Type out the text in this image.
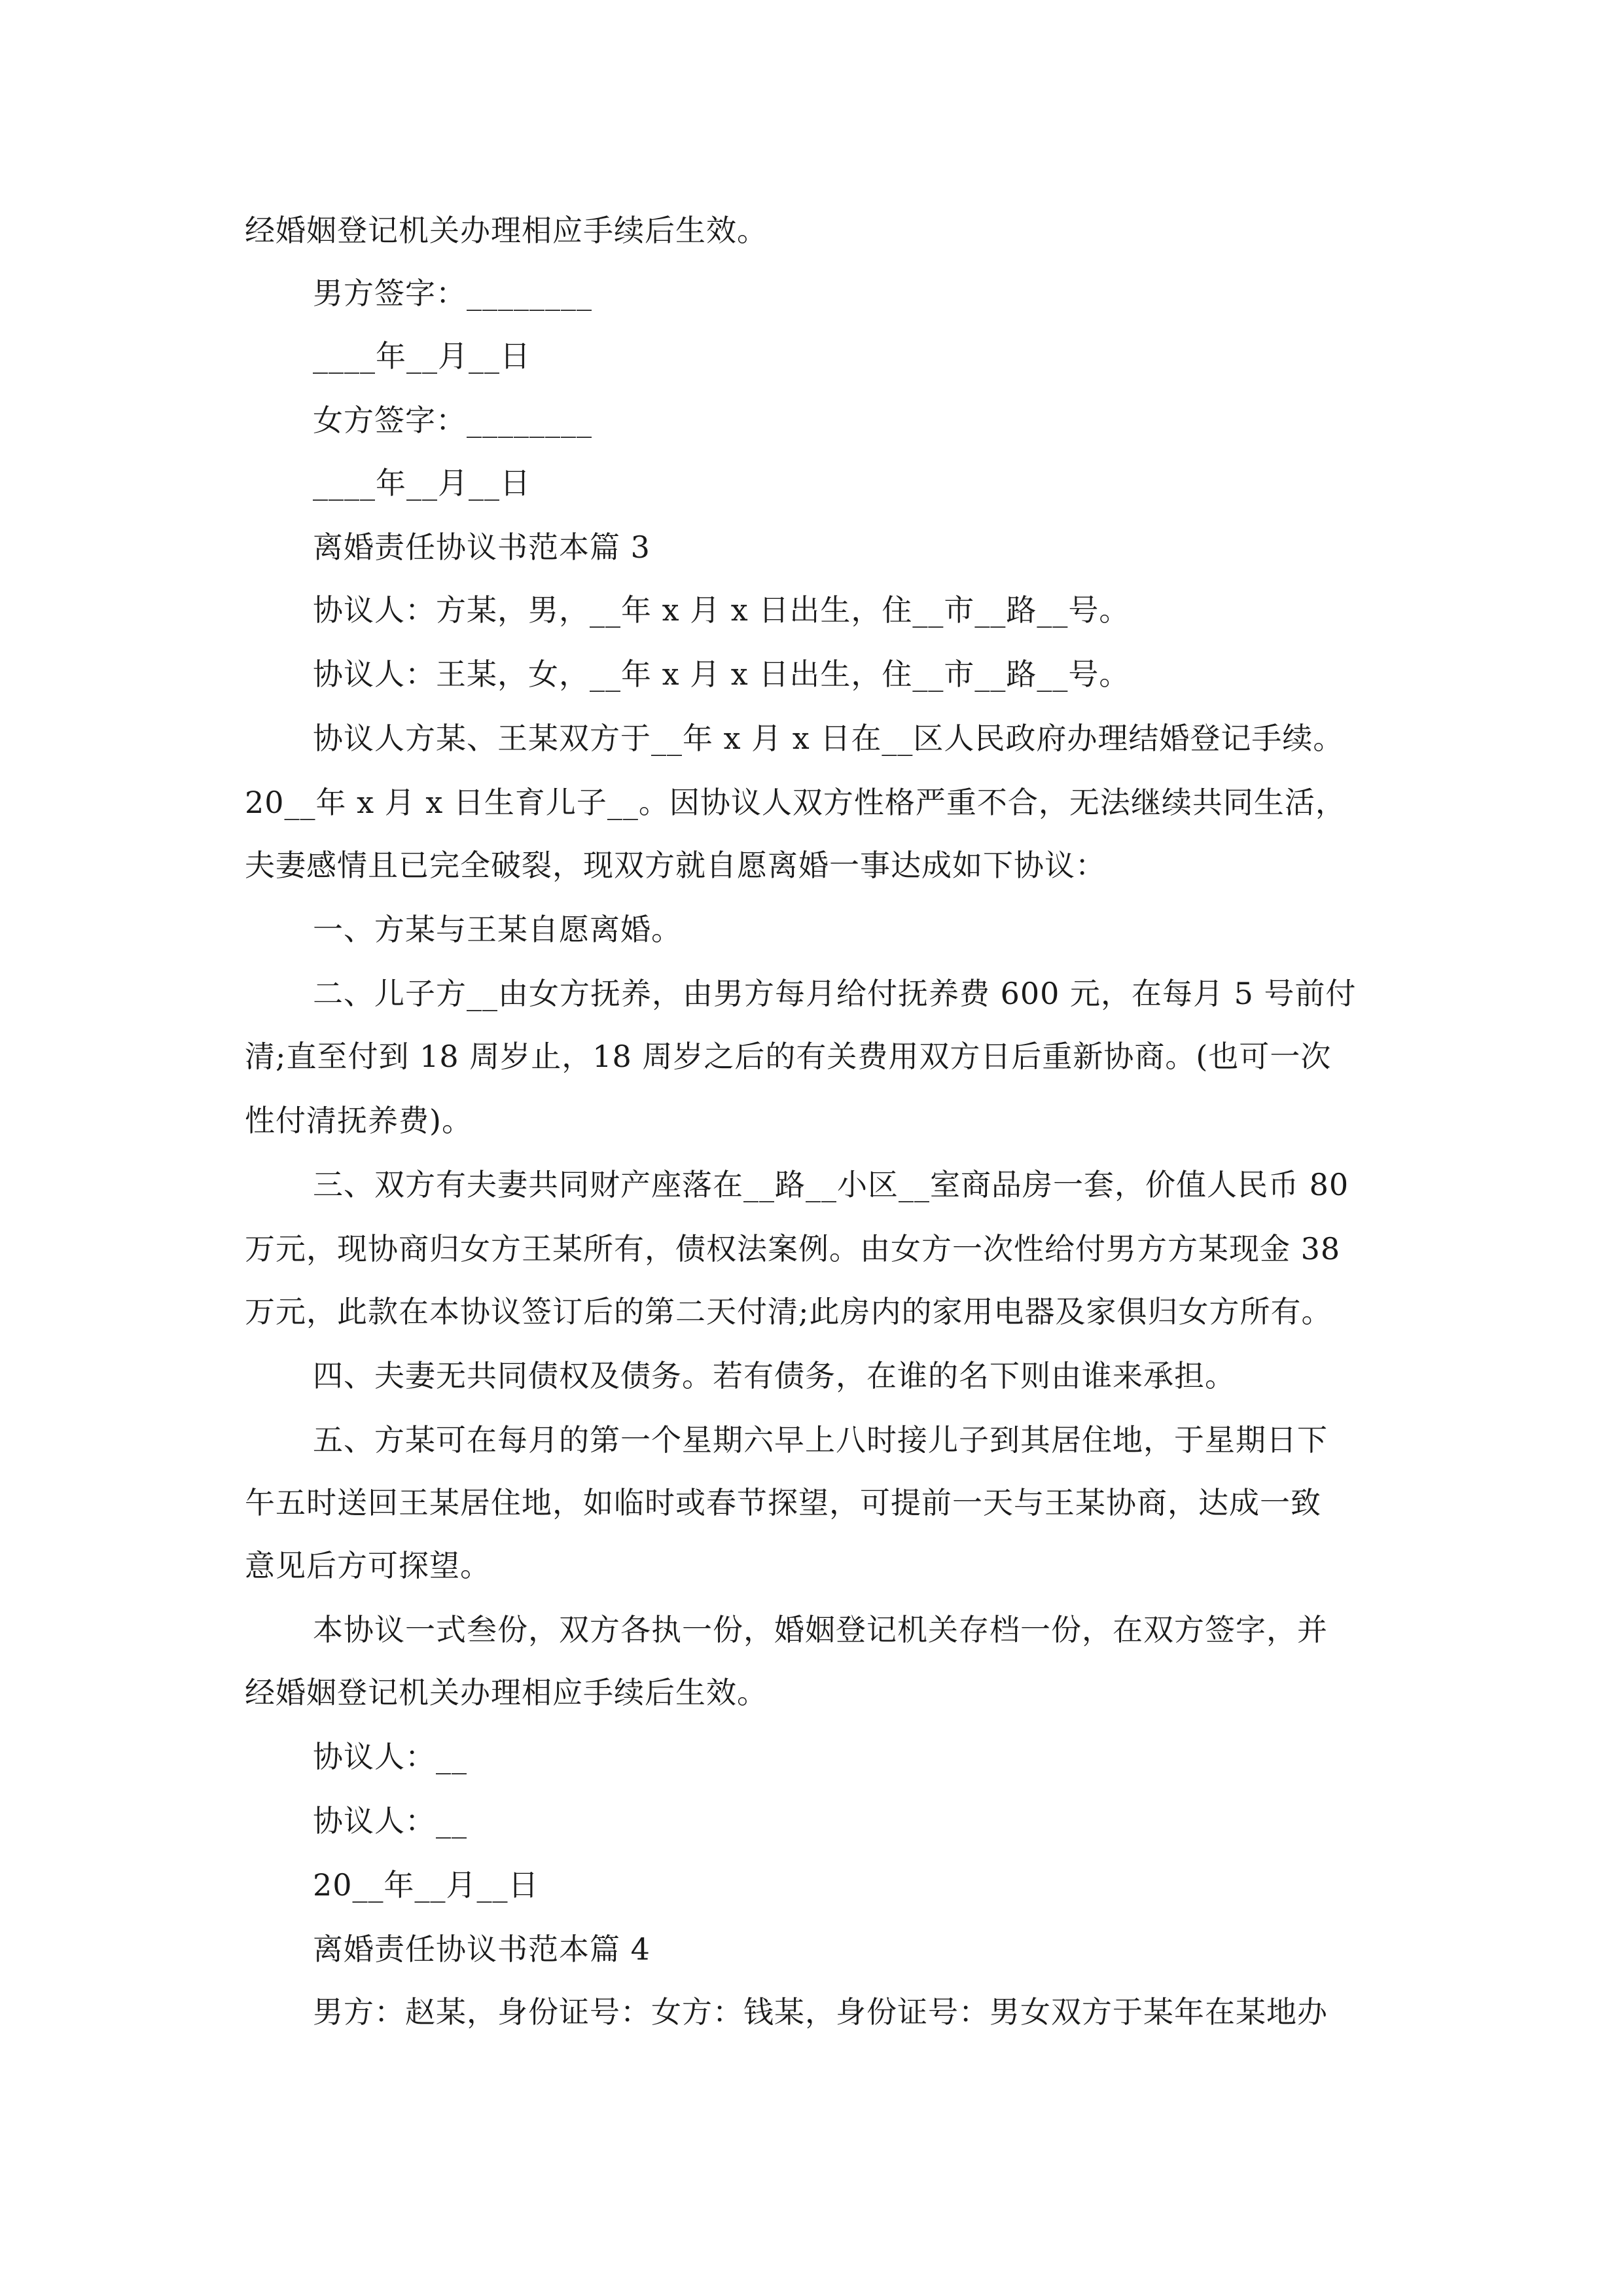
经婚姻登记机关办理相应手续后生效。
男方签字：________
____年__月__日
女方签字：________
____年__月__日
离婚责任协议书范本篇 3
协议人：方某，男，__年 x 月 x 日出生，住__市__路__号。
协议人：王某，女，__年 x 月 x 日出生，住__市__路__号。
协议人方某、王某双方于__年 x 月 x 日在__区人民政府办理结婚登记手续。
20__年 x 月 x 日生育儿子__。因协议人双方性格严重不合，无法继续共同生活，
夫妻感情且已完全破裂，现双方就自愿离婚一事达成如下协议：
一、方某与王某自愿离婚。
二、儿子方__由女方抚养，由男方每月给付抚养费 600 元，在每月 5 号前付
清;直至付到 18 周岁止，18 周岁之后的有关费用双方日后重新协商。(也可一次
性付清抚养费)。
三、双方有夫妻共同财产座落在__路__小区__室商品房一套，价值人民币 80
万元，现协商归女方王某所有，债权法案例。由女方一次性给付男方方某现金 38
万元，此款在本协议签订后的第二天付清;此房内的家用电器及家俱归女方所有。
四、夫妻无共同债权及债务。若有债务，在谁的名下则由谁来承担。
五、方某可在每月的第一个星期六早上八时接儿子到其居住地，于星期日下
午五时送回王某居住地，如临时或春节探望，可提前一天与王某协商，达成一致
意见后方可探望。
本协议一式叁份，双方各执一份，婚姻登记机关存档一份，在双方签字，并
经婚姻登记机关办理相应手续后生效。
协议人：__
协议人：__
20__年__月__日
离婚责任协议书范本篇 4
男方：赵某，身份证号：女方：钱某，身份证号：男女双方于某年在某地办
